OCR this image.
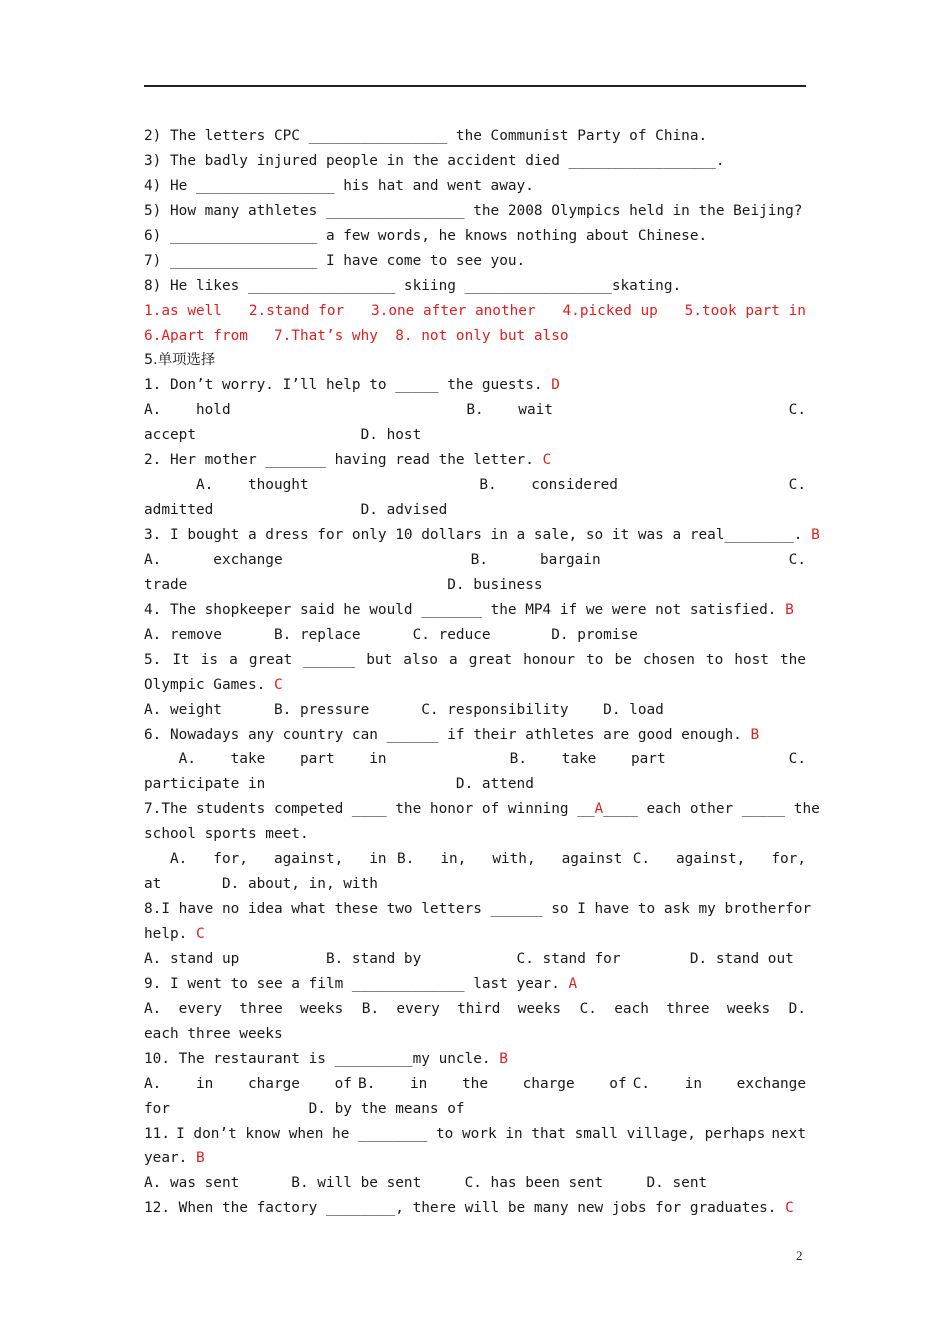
2) The letters CPC ________________ the Communist Party of China.
3) The badly injured people in the accident died _________________.
4) He ________________ his hat and went away.
5) How many athletes ________________ the 2008 Olympics held in the Beijing?
6) _________________ a few words, he knows nothing about Chinese.
7) _________________ I have come to see you.
8) He likes _________________ skiing _________________skating.
1.as well 2.stand for 3.one after another 4.picked up 5.took part in
6.Apart from   7.That’s why  8. not only but also
5.单项选择
1. Don’t worry. I’ll help to _____ the guests. D
A.    hold	B.    wait	C.
accept                   D. host
2. Her mother _______ having read the letter. C
A.    thought	B.    considered	C.
admitted                 D. advised
3. I bought a dress for only 10 dollars in a sale, so it was a real________. B
A.      exchange	B.      bargain	C.
trade                              D. business
4. The shopkeeper said he would _______ the MP4 if we were not satisfied. B
A. remove      B. replace      C. reduce       D. promise
5. It is a great ______ but also a great honour to be chosen to host the
Olympic Games. C
A. weight      B. pressure      C. responsibility    D. load
6. Nowadays any country can ______ if their athletes are good enough. B
A.    take    part    in	B.    take    part	C.
participate in                      D. attend
7.The students competed ____ the honor of winning __A____ each other _____ the
school sports meet.
A.   for,   against,   in B.   in,   with,   against C.   against,   for,
at       D. about, in, with
8. I have no idea what these two letters ______ so I have to ask my brother for
help. C
A. stand up          B. stand by           C. stand for        D. stand out
9. I went to see a film _____________ last year. A
A.  every  three  weeks B.  every  third  weeks C.  each  three  weeks D.
each three weeks
10. The restaurant is _________my uncle. B
A.    in    charge    of B.    in    the    charge    of C.    in    exchange
for                D. by the means of
11. I don’t know when he ________ to work in that small village, perhaps next
year. B
A. was sent      B. will be sent     C. has been sent     D. sent
12. When the factory ________, there will be many new jobs for graduates. C
2
